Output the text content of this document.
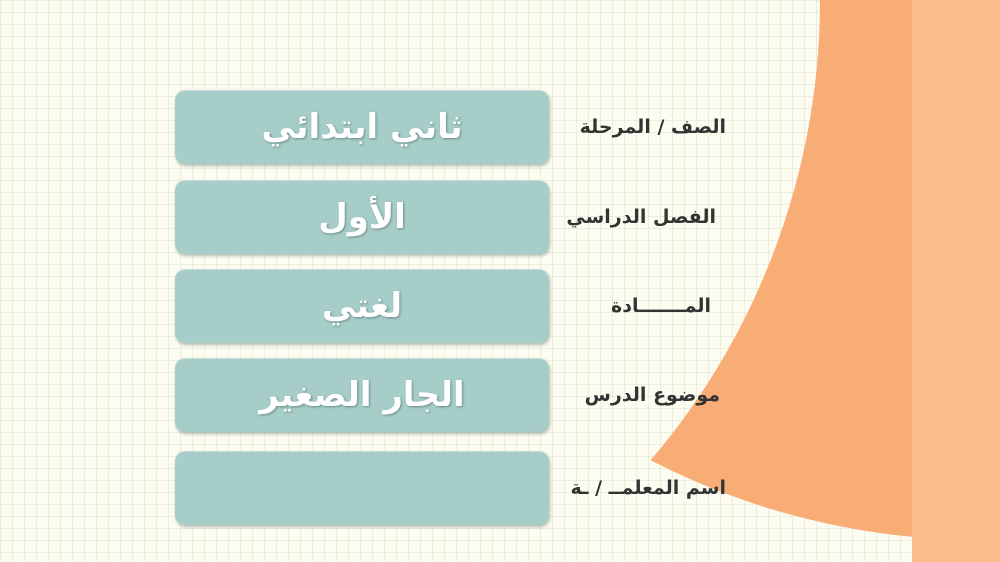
ثاني ابتدائي	الصف / المرحلة
الأول	الفصل الدراسي
لغتي	المـــــــادة
الجار الصغير	موضوع الدرس
اسم المعلمــ / ـة
